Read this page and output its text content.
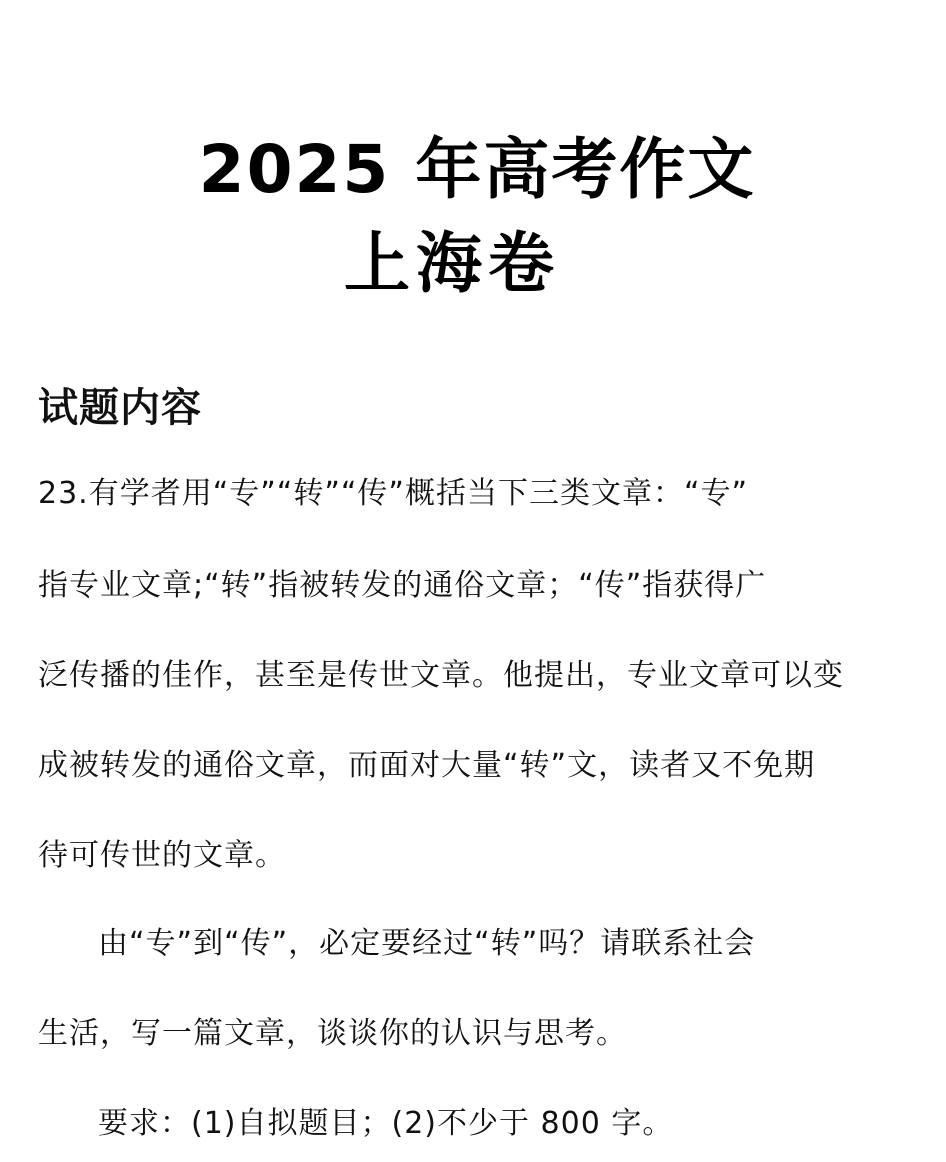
2025 年高考作文
上海卷
试题内容
23.有学者用“专”“转”“传”概括当下三类文章：“专”
指专业文章;“转”指被转发的通俗文章；“传”指获得广
泛传播的佳作，甚至是传世文章。他提出，专业文章可以变
成被转发的通俗文章，而面对大量“转”文，读者又不免期
待可传世的文章。
由“专”到“传”，必定要经过“转”吗？请联系社会
生活，写一篇文章，谈谈你的认识与思考。
要求：(1)自拟题目；(2)不少于 800 字。
